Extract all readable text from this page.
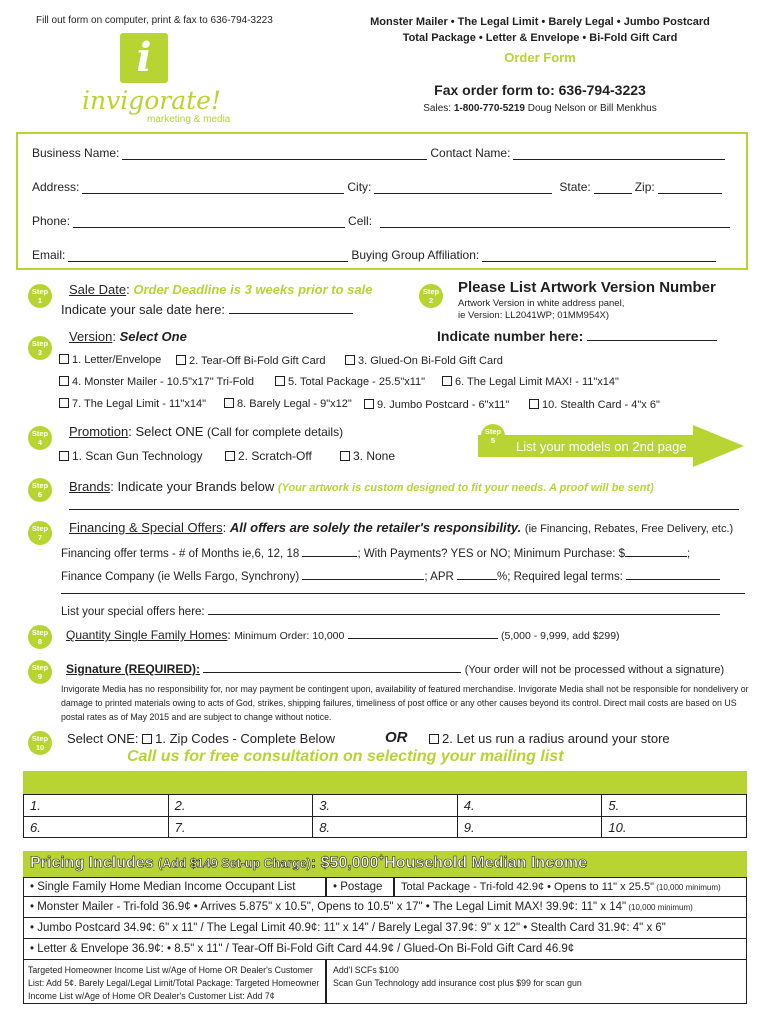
Fill out form on computer, print & fax to 636-794-3223
i
invigorate!
marketing & media
Monster Mailer • The Legal Limit • Barely Legal • Jumbo Postcard
Total Package • Letter & Envelope • Bi-Fold Gift Card
Order Form
Fax order form to: 636-794-3223
Sales: 1-800-770-5219 Doug Nelson or Bill Menkhus
Business Name:	Contact Name:
Address:	City:	State:	Zip:
Phone:	Cell:
Email:	Buying Group Affiliation:
Step
1
Sale Date: Order Deadline is 3 weeks prior to sale
Indicate your sale date here:
Step
2
Please List Artwork Version Number
Artwork Version in white address panel,
ie Version: LL2041WP; 01MM954X)
Indicate number here:
Step
3
Version: Select One
1. Letter/Envelope	2. Tear-Off Bi-Fold Gift Card	3. Glued-On Bi-Fold Gift Card
4. Monster Mailer - 10.5"x17" Tri-Fold	5. Total Package - 25.5"x11"	6. The Legal Limit MAX! - 11"x14"
7. The Legal Limit - 11"x14"	8. Barely Legal - 9"x12"	9. Jumbo Postcard - 6"x11"	10. Stealth Card - 4"x 6"
Step
4
Promotion: Select ONE (Call for complete details)
1. Scan Gun Technology	2. Scratch-Off	3. None
Step
5	List your models on 2nd page
Step
6
Brands: Indicate your Brands below (Your artwork is custom designed to fit your needs. A proof will be sent)
Step
7
Financing & Special Offers: All offers are solely the retailer's responsibility. (ie Financing, Rebates, Free Delivery, etc.)
Financing offer terms - # of Months ie,6, 12, 18	; With Payments? YES or NO; Minimum Purchase: $	;
Finance Company (ie Wells Fargo, Synchrony)	; APR	%; Required legal terms:
List your special offers here:
Step
8	Quantity Single Family Homes: Minimum Order: 10,000	(5,000 - 9,999, add $299)
Step
9
Signature (REQUIRED):	(Your order will not be processed without a signature)
Invigorate Media has no responsibility for, nor may payment be contingent upon, availability of featured merchandise. Invigorate Media shall not be responsible for nondelivery or damage to printed materials owing to acts of God, strikes, shipping failures, timeliness of post office or any other causes beyond its control. Direct mail costs are based on US postal rates as of May 2015 and are subject to change without notice.
Step
10
Select ONE: 1. Zip Codes - Complete Below	OR	2. Let us run a radius around your store
Call us for free consultation on selecting your mailing list
1.	2.	3.	4.	5.
6.	7.	8.	9.	10.
Pricing Includes (Add $149 Set-up Charge): $50,000+Household Median Income
• Single Family Home Median Income Occupant List	• Postage	Total Package - Tri-fold 42.9¢ • Opens to 11" x 25.5" (10,000 minimum)
• Monster Mailer - Tri-fold 36.9¢ • Arrives 5.875" x 10.5", Opens to 10.5" x 17" • The Legal Limit MAX! 39.9¢: 11" x 14" (10,000 minimum)
• Jumbo Postcard 34.9¢: 6" x 11" / The Legal Limit 40.9¢: 11" x 14" / Barely Legal 37.9¢: 9" x 12" • Stealth Card 31.9¢: 4" x 6"
• Letter & Envelope 36.9¢: • 8.5" x 11" / Tear-Off Bi-Fold Gift Card 44.9¢ / Glued-On Bi-Fold Gift Card 46.9¢
Targeted Homeowner Income List w/Age of Home OR Dealer's Customer List: Add 5¢. Barely Legal/Legal Limit/Total Package: Targeted Homeowner Income List w/Age of Home OR Dealer's Customer List: Add 7¢
Add'l SCFs $100
Scan Gun Technology add insurance cost plus $99 for scan gun
